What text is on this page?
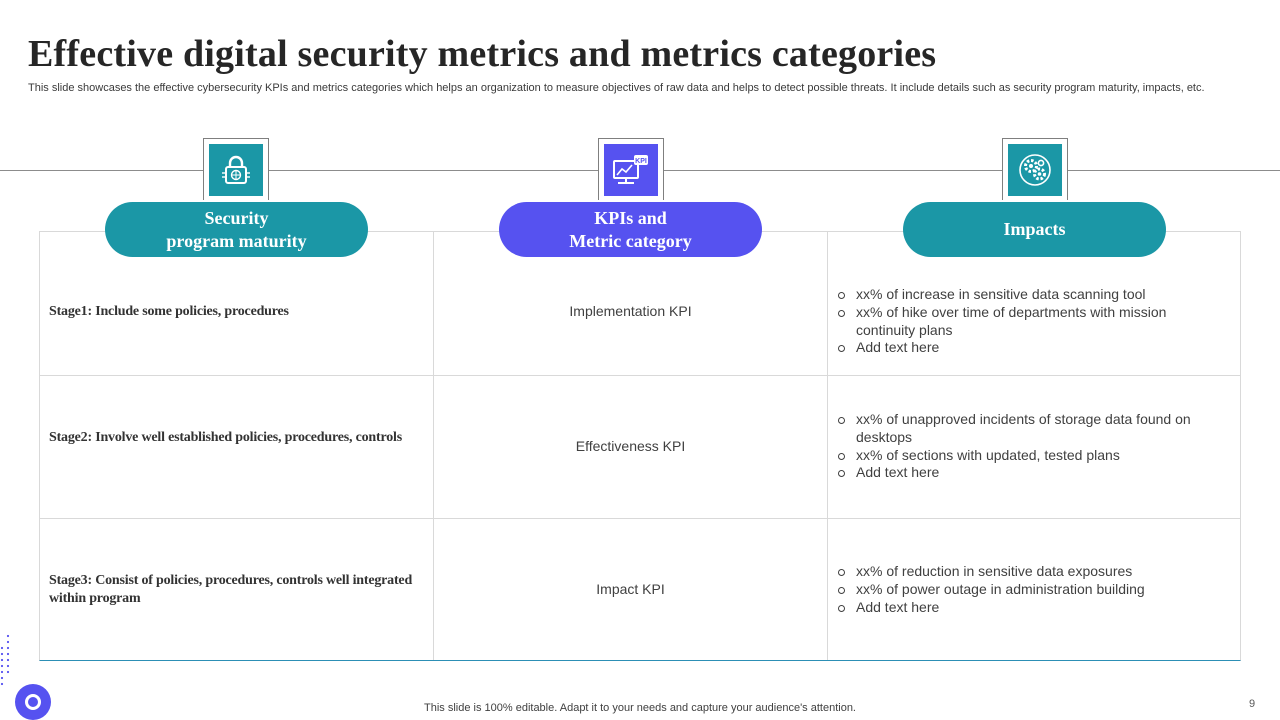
Effective digital security metrics and metrics categories

This slide showcases the effective cybersecurity KPIs and metrics categories which helps an organization to measure objectives of raw data and helps to detect possible threats. It include details such as security program maturity, impacts, etc.

KPI
Security
program maturity
KPIs and
Metric category
Impacts
Stage1: Include some policies, procedures	Implementation KPI
xx% of increase in sensitive data scanning tool
xx% of hike over time of departments with mission continuity plans
Add text here
Stage2: Involve well established policies, procedures, controls
Effectiveness KPI
xx% of unapproved incidents of storage data found on desktops
xx% of sections with updated, tested plans
Add text here
Stage3: Consist of policies, procedures, controls well integrated within program
Impact KPI
xx% of reduction in sensitive data exposures
xx% of power outage in administration building
Add text here
This slide is 100% editable. Adapt it to your needs and capture your audience's attention.	9
